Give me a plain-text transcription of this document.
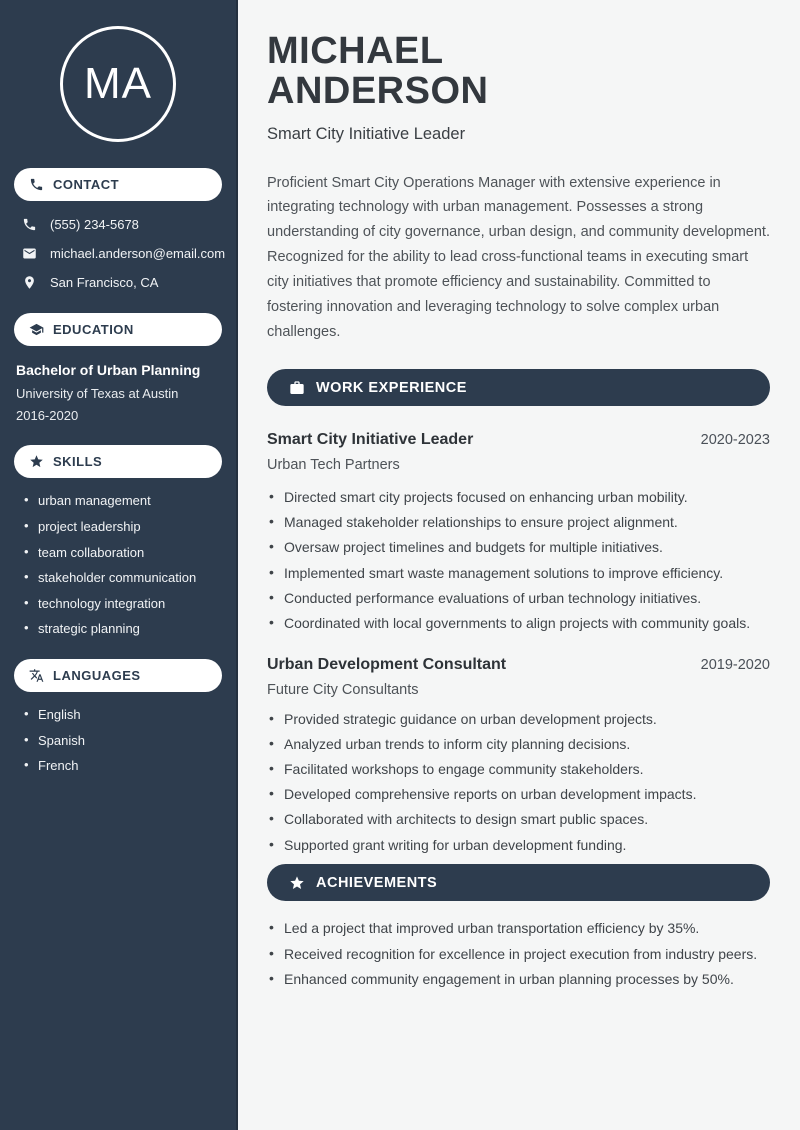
MA
CONTACT
(555) 234-5678
michael.anderson@email.com
San Francisco, CA
EDUCATION
Bachelor of Urban Planning
University of Texas at Austin
2016-2020
SKILLS
• urban management
• project leadership
• team collaboration
• stakeholder communication
• technology integration
• strategic planning
LANGUAGES
• English
• Spanish
• French
MICHAEL
ANDERSON
Smart City Initiative Leader

Proficient Smart City Operations Manager with extensive experience in integrating technology with urban management. Possesses a strong understanding of city governance, urban design, and community development. Recognized for the ability to lead cross-functional teams in executing smart city initiatives that promote efficiency and sustainability. Committed to fostering innovation and leveraging technology to solve complex urban challenges.

WORK EXPERIENCE
Smart City Initiative Leader	2020-2023
Urban Tech Partners
• Directed smart city projects focused on enhancing urban mobility.
• Managed stakeholder relationships to ensure project alignment.
• Oversaw project timelines and budgets for multiple initiatives.
• Implemented smart waste management solutions to improve efficiency.
• Conducted performance evaluations of urban technology initiatives.
• Coordinated with local governments to align projects with community goals.
Urban Development Consultant	2019-2020
Future City Consultants
• Provided strategic guidance on urban development projects.
• Analyzed urban trends to inform city planning decisions.
• Facilitated workshops to engage community stakeholders.
• Developed comprehensive reports on urban development impacts.
• Collaborated with architects to design smart public spaces.
• Supported grant writing for urban development funding.
ACHIEVEMENTS
• Led a project that improved urban transportation efficiency by 35%.
• Received recognition for excellence in project execution from industry peers.
• Enhanced community engagement in urban planning processes by 50%.
